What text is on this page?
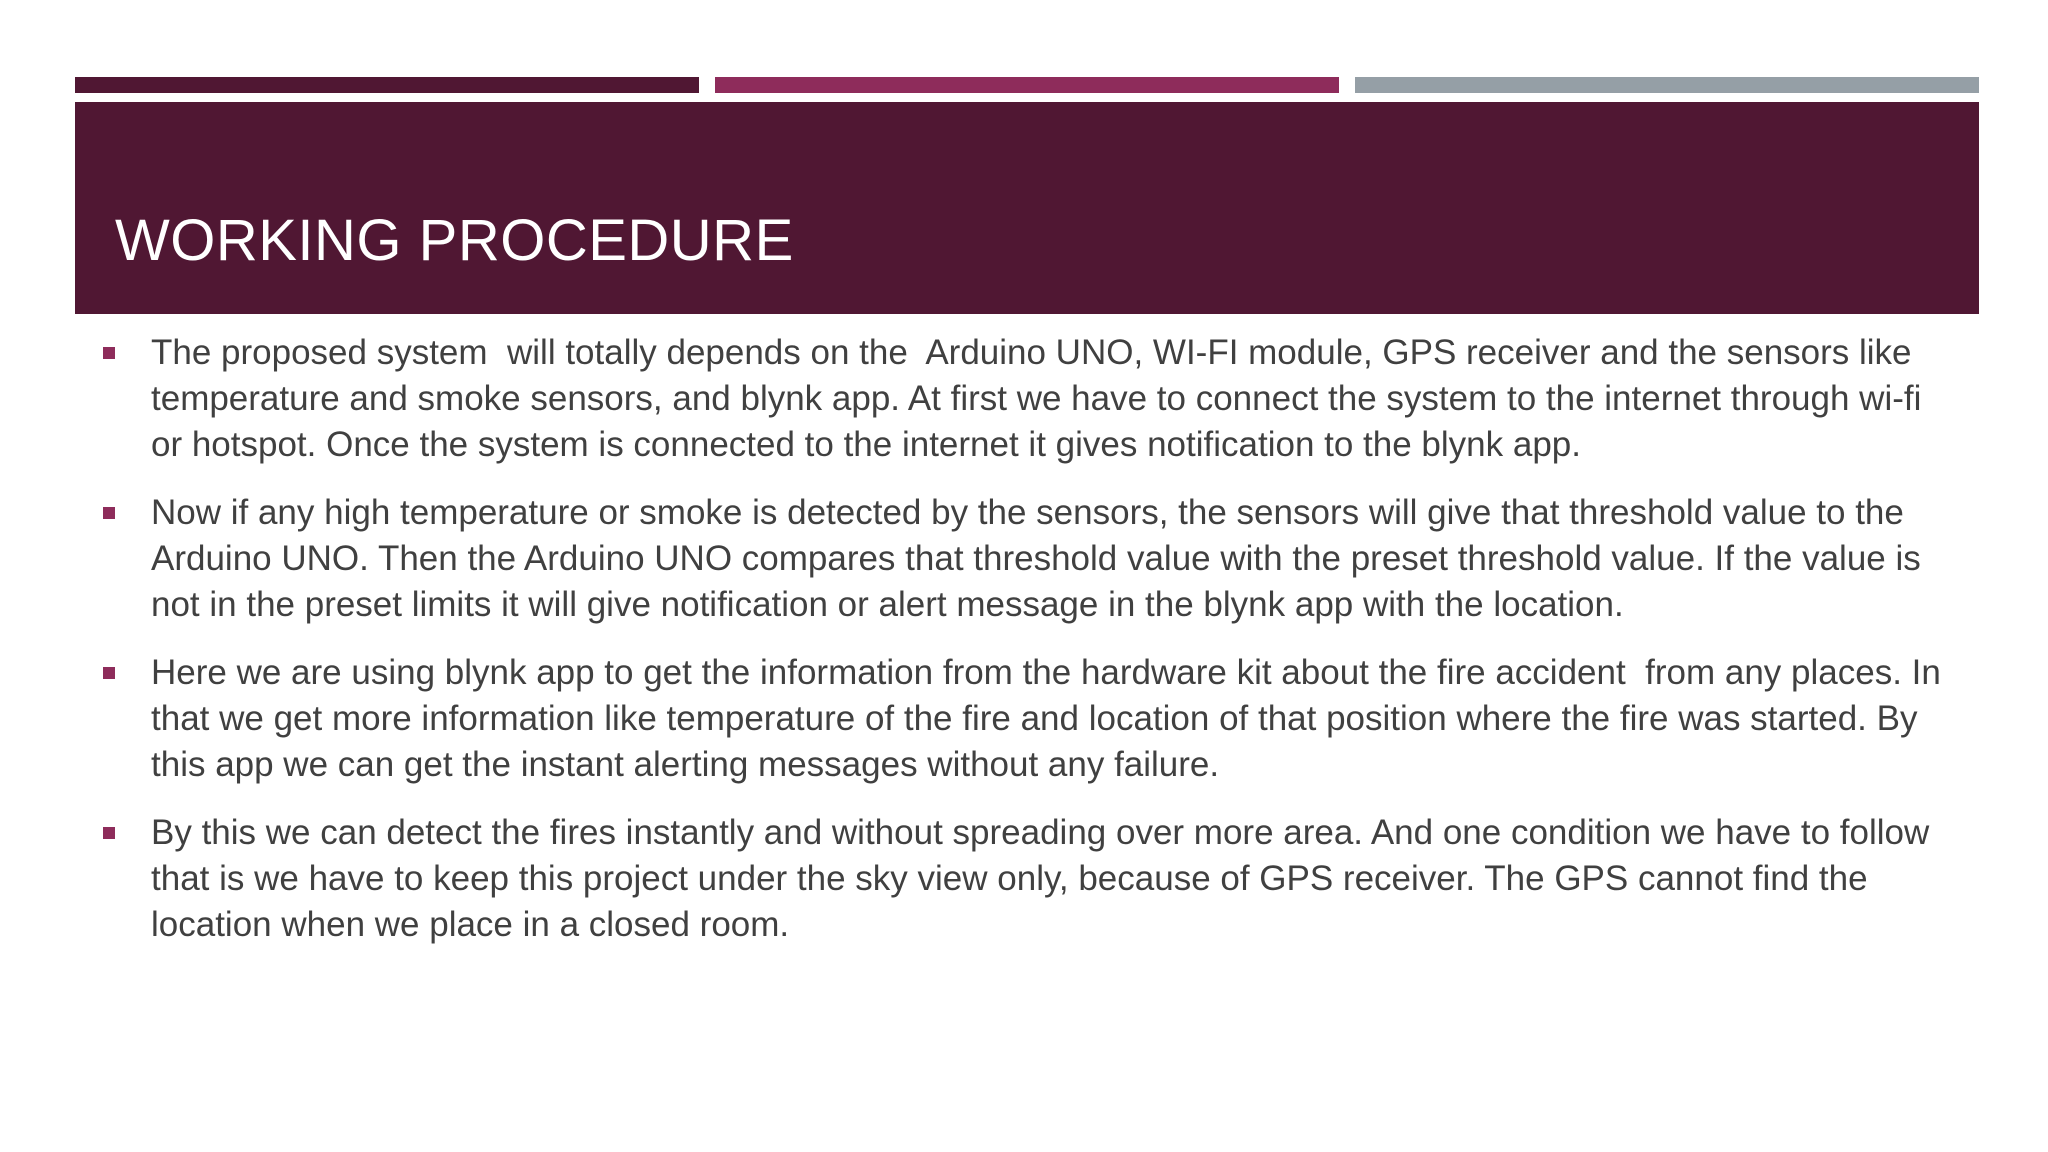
WORKING PROCEDURE
The proposed system  will totally depends on the  Arduino UNO, WI-FI module, GPS receiver and the sensors like temperature and smoke sensors, and blynk app. At first we have to connect the system to the internet through wi-fi or hotspot. Once the system is connected to the internet it gives notification to the blynk app.
Now if any high temperature or smoke is detected by the sensors, the sensors will give that threshold value to the Arduino UNO. Then the Arduino UNO compares that threshold value with the preset threshold value. If the value is not in the preset limits it will give notification or alert message in the blynk app with the location.
Here we are using blynk app to get the information from the hardware kit about the fire accident  from any places. In that we get more information like temperature of the fire and location of that position where the fire was started. By this app we can get the instant alerting messages without any failure.
By this we can detect the fires instantly and without spreading over more area. And one condition we have to follow that is we have to keep this project under the sky view only, because of GPS receiver. The GPS cannot find the location when we place in a closed room.
